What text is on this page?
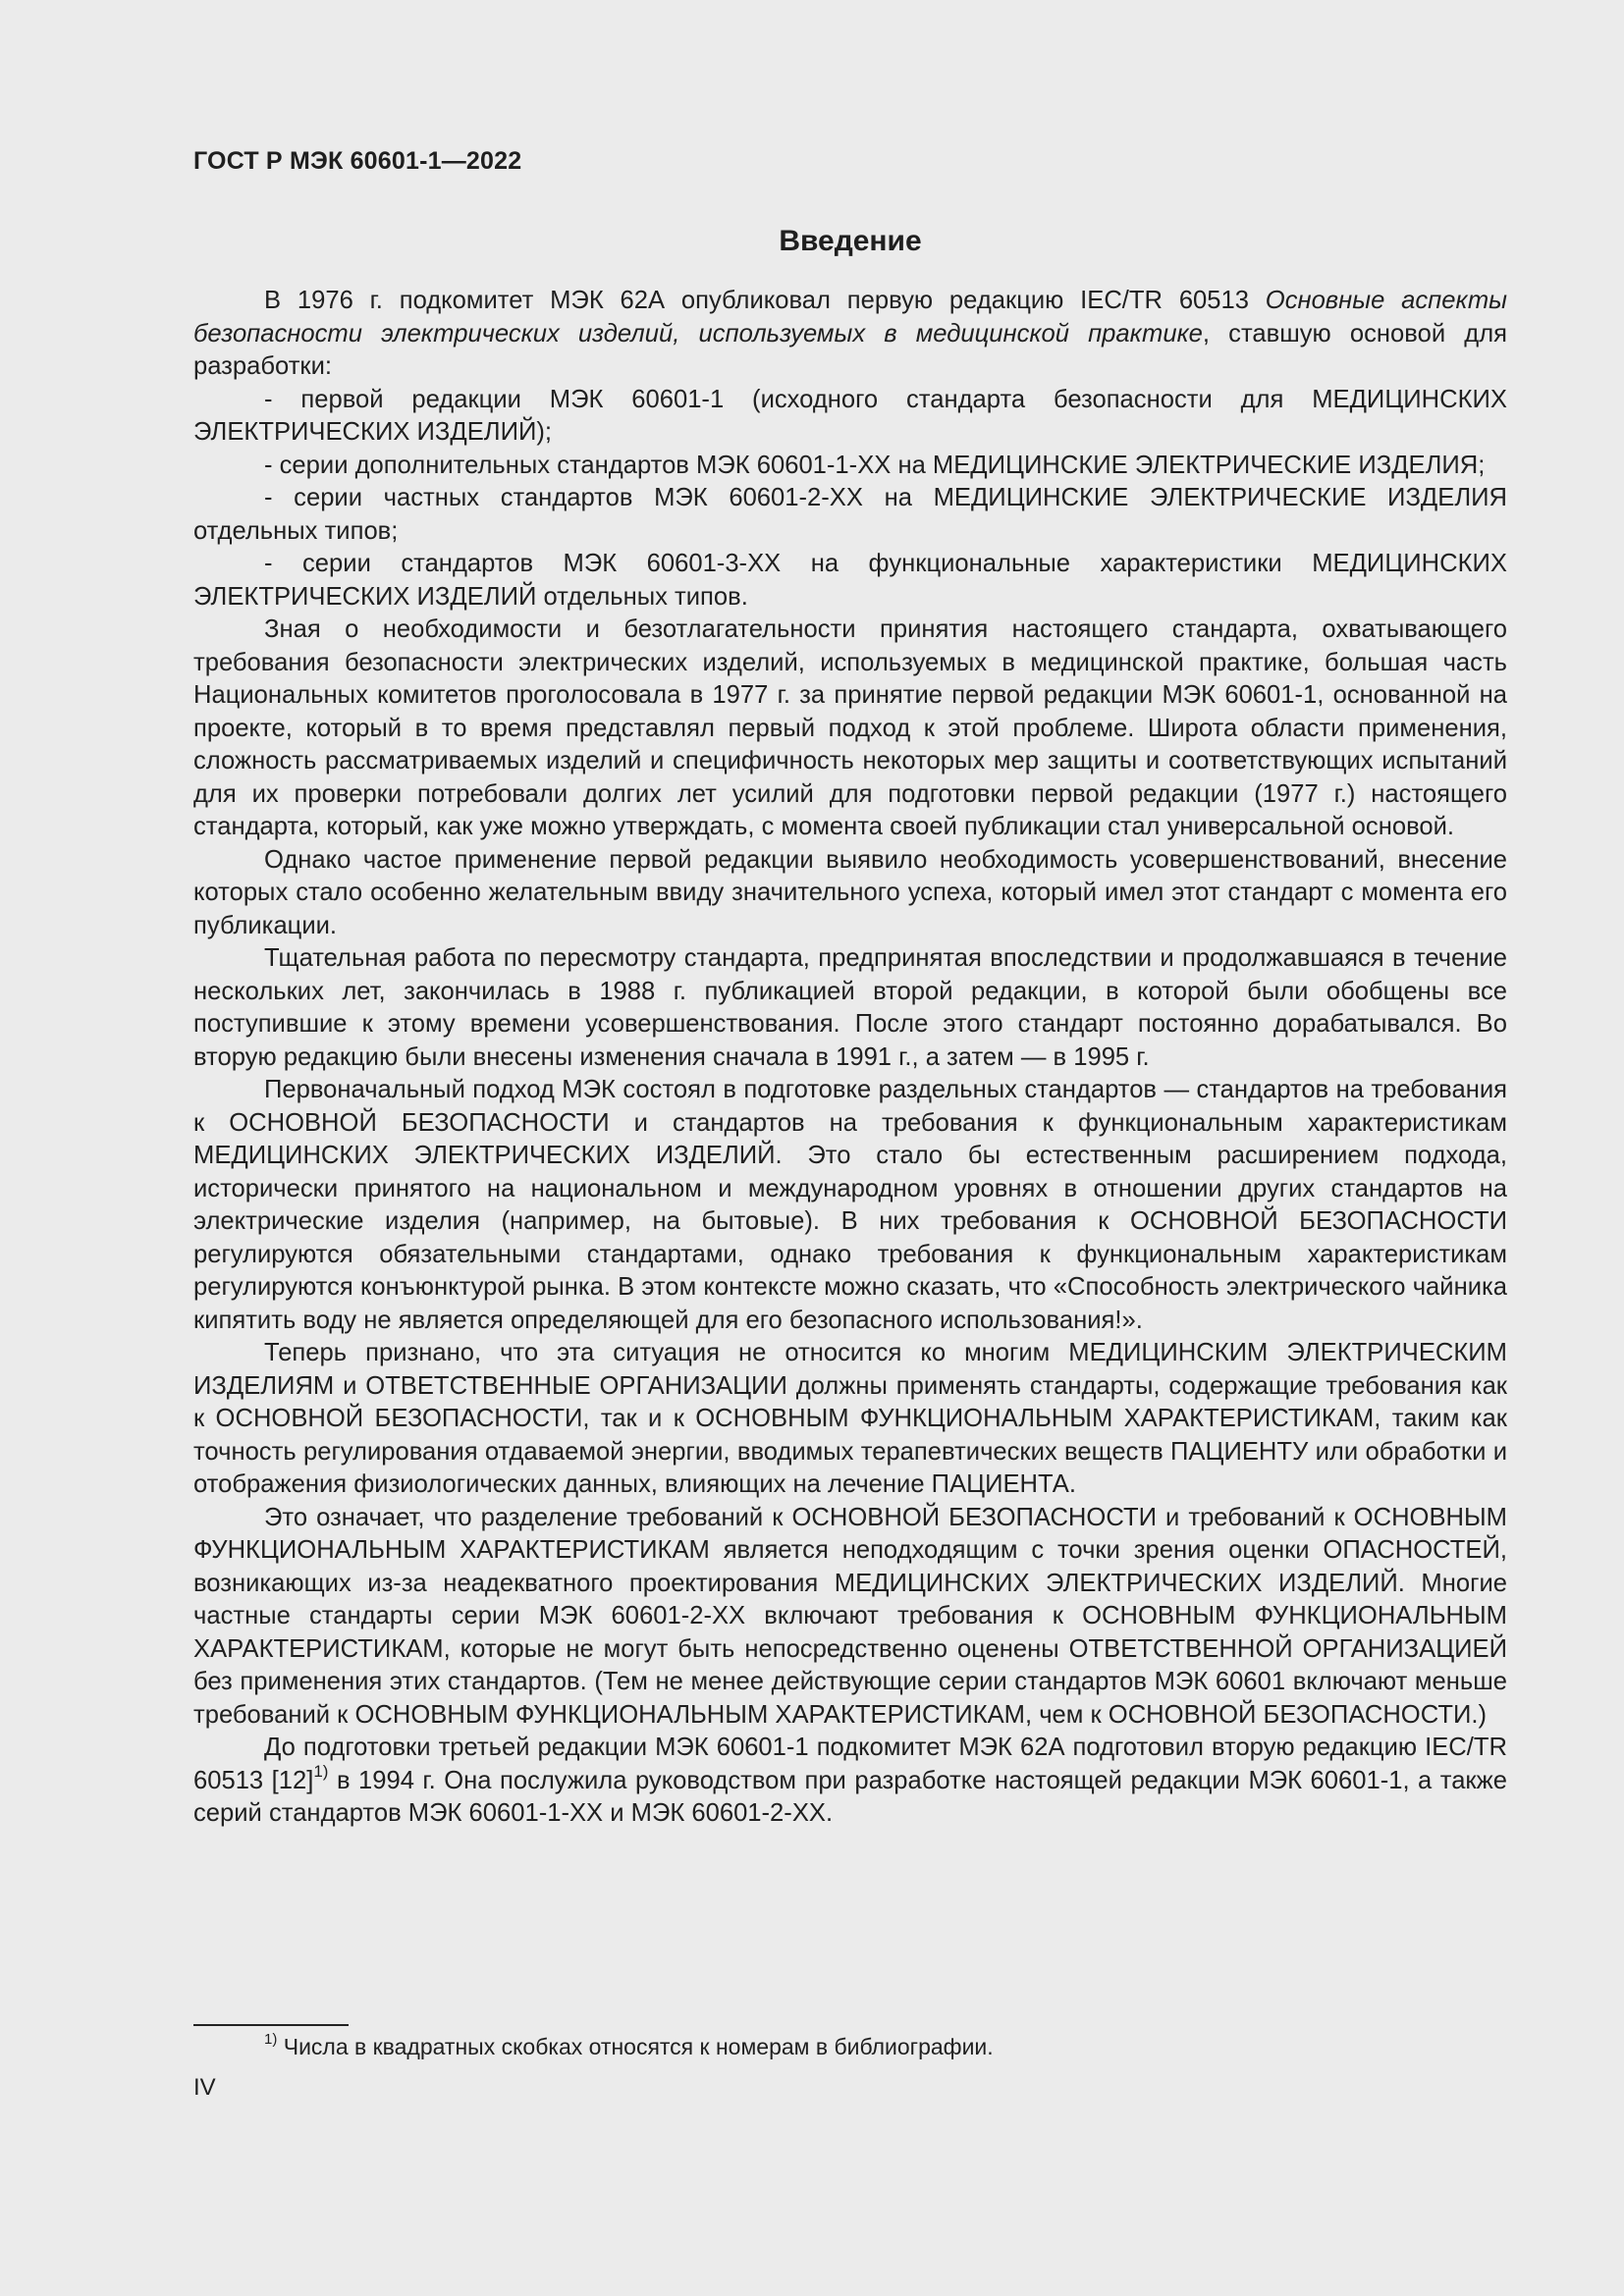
ГОСТ Р МЭК 60601-1—2022
Введение

В 1976 г. подкомитет МЭК 62А опубликовал первую редакцию IEC/TR 60513 Основные аспекты безопасности электрических изделий, используемых в медицинской практике, ставшую основой для разработки:

- первой редакции МЭК 60601-1 (исходного стандарта безопасности для МЕДИЦИНСКИХ ЭЛЕКТРИЧЕСКИХ ИЗДЕЛИЙ);

- серии дополнительных стандартов МЭК 60601-1-XX на МЕДИЦИНСКИЕ ЭЛЕКТРИЧЕСКИЕ ИЗДЕЛИЯ;

- серии частных стандартов МЭК 60601-2-XX на МЕДИЦИНСКИЕ ЭЛЕКТРИЧЕСКИЕ ИЗДЕЛИЯ отдельных типов;

- серии стандартов МЭК 60601-3-XX на функциональные характеристики МЕДИЦИНСКИХ ЭЛЕКТРИЧЕСКИХ ИЗДЕЛИЙ отдельных типов.

Зная о необходимости и безотлагательности принятия настоящего стандарта, охватывающего требования безопасности электрических изделий, используемых в медицинской практике, большая часть Национальных комитетов проголосовала в 1977 г. за принятие первой редакции МЭК 60601-1, основанной на проекте, который в то время представлял первый подход к этой проблеме. Широта области применения, сложность рассматриваемых изделий и специфичность некоторых мер защиты и соответствующих испытаний для их проверки потребовали долгих лет усилий для подготовки первой редакции (1977 г.) настоящего стандарта, который, как уже можно утверждать, с момента своей публикации стал универсальной основой.

Однако частое применение первой редакции выявило необходимость усовершенствований, внесение которых стало особенно желательным ввиду значительного успеха, который имел этот стандарт с момента его публикации.

Тщательная работа по пересмотру стандарта, предпринятая впоследствии и продолжавшаяся в течение нескольких лет, закончилась в 1988 г. публикацией второй редакции, в которой были обобщены все поступившие к этому времени усовершенствования. После этого стандарт постоянно дорабатывался. Во вторую редакцию были внесены изменения сначала в 1991 г., а затем — в 1995 г.

Первоначальный подход МЭК состоял в подготовке раздельных стандартов — стандартов на требования к ОСНОВНОЙ БЕЗОПАСНОСТИ и стандартов на требования к функциональным характеристикам МЕДИЦИНСКИХ ЭЛЕКТРИЧЕСКИХ ИЗДЕЛИЙ. Это стало бы естественным расширением подхода, исторически принятого на национальном и международном уровнях в отношении других стандартов на электрические изделия (например, на бытовые). В них требования к ОСНОВНОЙ БЕЗОПАСНОСТИ регулируются обязательными стандартами, однако требования к функциональным характеристикам регулируются конъюнктурой рынка. В этом контексте можно сказать, что «Способность электрического чайника кипятить воду не является определяющей для его безопасного использования!».

Теперь признано, что эта ситуация не относится ко многим МЕДИЦИНСКИМ ЭЛЕКТРИЧЕСКИМ ИЗДЕЛИЯМ и ОТВЕТСТВЕННЫЕ ОРГАНИЗАЦИИ должны применять стандарты, содержащие требования как к ОСНОВНОЙ БЕЗОПАСНОСТИ, так и к ОСНОВНЫМ ФУНКЦИОНАЛЬНЫМ ХАРАКТЕРИСТИКАМ, таким как точность регулирования отдаваемой энергии, вводимых терапевтических веществ ПАЦИЕНТУ или обработки и отображения физиологических данных, влияющих на лечение ПАЦИЕНТА.

Это означает, что разделение требований к ОСНОВНОЙ БЕЗОПАСНОСТИ и требований к ОСНОВНЫМ ФУНКЦИОНАЛЬНЫМ ХАРАКТЕРИСТИКАМ является неподходящим с точки зрения оценки ОПАСНОСТЕЙ, возникающих из-за неадекватного проектирования МЕДИЦИНСКИХ ЭЛЕКТРИЧЕСКИХ ИЗДЕЛИЙ. Многие частные стандарты серии МЭК 60601-2-XX включают требования к ОСНОВНЫМ ФУНКЦИОНАЛЬНЫМ ХАРАКТЕРИСТИКАМ, которые не могут быть непосредственно оценены ОТВЕТСТВЕННОЙ ОРГАНИЗАЦИЕЙ без применения этих стандартов. (Тем не менее действующие серии стандартов МЭК 60601 включают меньше требований к ОСНОВНЫМ ФУНКЦИОНАЛЬНЫМ ХАРАКТЕРИСТИКАМ, чем к ОСНОВНОЙ БЕЗОПАСНОСТИ.)

До подготовки третьей редакции МЭК 60601-1 подкомитет МЭК 62А подготовил вторую редакцию IEC/TR 60513 $[12]^{1)}$ в 1994 г. Она послужила руководством при разработке настоящей редакции МЭК 60601-1, а также серий стандартов МЭК 60601-1-XX и МЭК 60601-2-XX.

$^{1)}$ Числа в квадратных скобках относятся к номерам в библиографии.
IV
